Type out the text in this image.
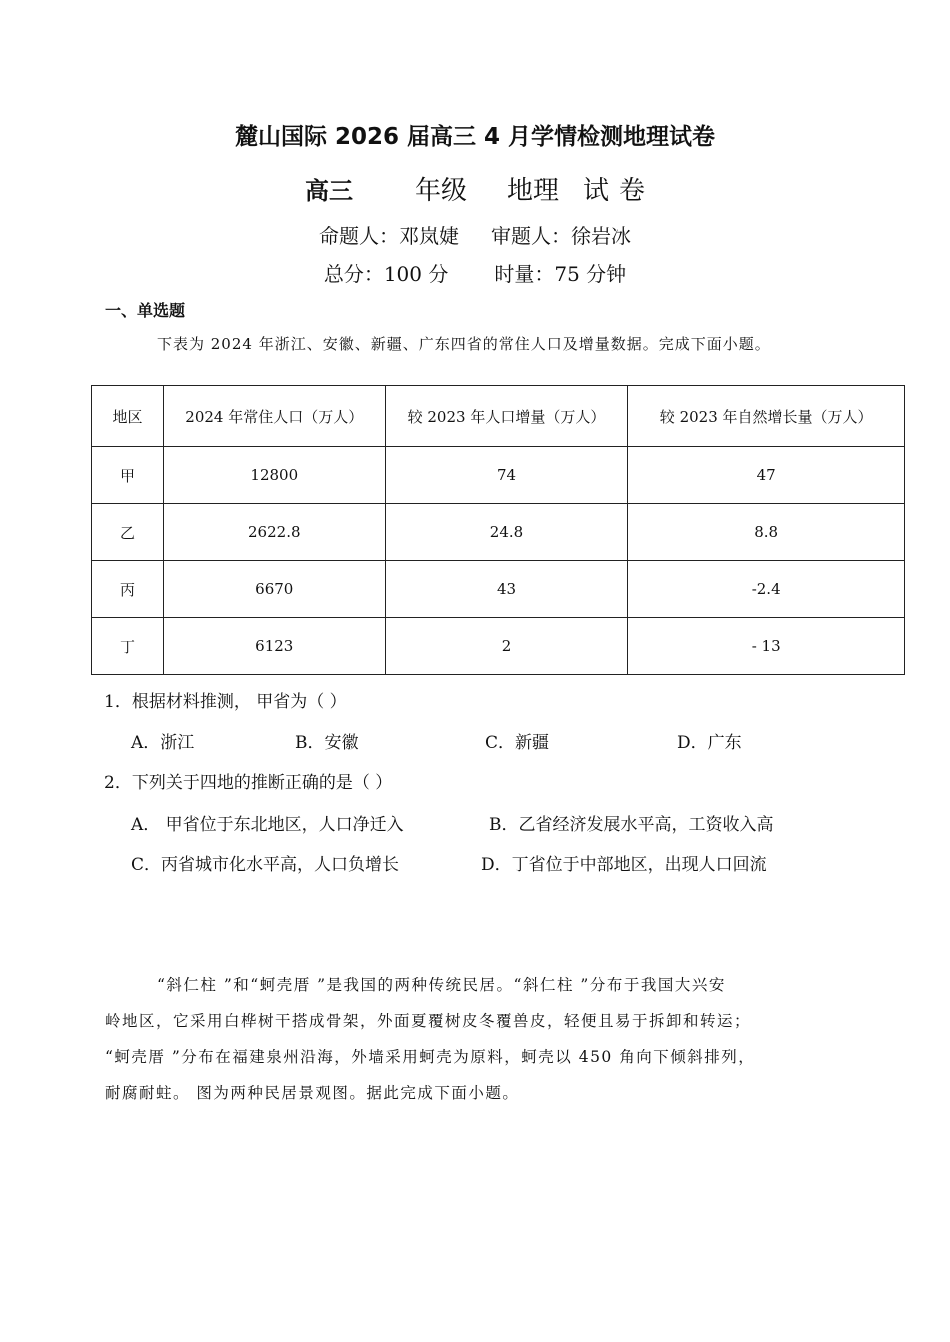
麓山国际 2026 届高三 4 月学情检测地理试卷
高三 年级 地理 试 卷
命题人：邓岚婕 审题人：徐岩冰
总分：100 分 时量：75 分钟
一、单选题
下表为 2024 年浙江、安徽、新疆、广东四省的常住人口及增量数据。完成下面小题。
地区	2024 年常住人口（万人）	较 2023 年人口增量（万人）	较 2023 年自然增长量（万人）
甲	12800	74	47
乙	2622.8	24.8	8.8
丙	6670	43	-2.4
丁	6123	2	- 13
1．根据材料推测， 甲省为（ ）
A．浙江	B．安徽	C．新疆	D．广东
2．下列关于四地的推断正确的是（ ）
A． 甲省位于东北地区，人口净迁入	B．乙省经济发展水平高，工资收入高
C．丙省城市化水平高，人口负增长	D．丁省位于中部地区，出现人口回流
“斜仁柱 ”和“蚵壳厝 ”是我国的两种传统民居。“斜仁柱 ”分布于我国大兴安
岭地区，它采用白桦树干搭成骨架，外面夏覆树皮冬覆兽皮，轻便且易于拆卸和转运；
“蚵壳厝 ”分布在福建泉州沿海，外墙采用蚵壳为原料，蚵壳以 450 角向下倾斜排列，
耐腐耐蛀。 图为两种民居景观图。据此完成下面小题。
